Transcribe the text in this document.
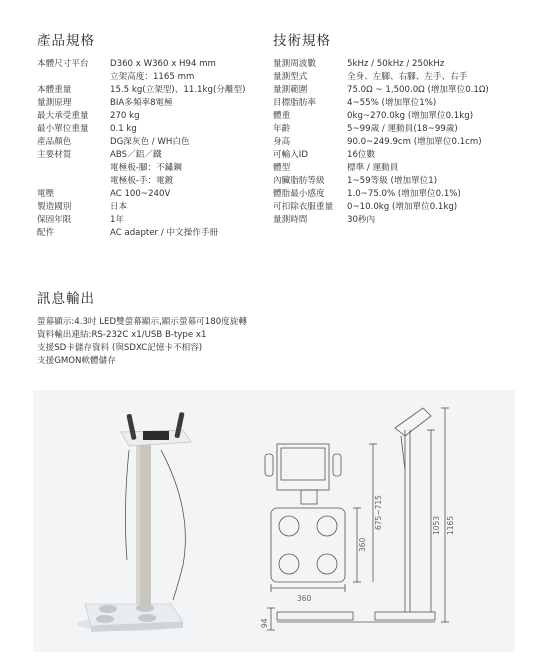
產品規格
本體尺寸平台	D360 x W360 x H94 mm
立架高度：1165 mm
本體重量	15.5 kg(立架型)、11.1kg(分離型)
量測原理	BIA多頻率8電極
最大承受重量	270 kg
最小單位重量	0.1 kg
產品顏色	DG深灰色 / WH白色
主要材質	ABS／鋁／鐵
電極板-腳：不鏽鋼
電極板-手：電鍍
電壓	AC 100~240V
製造國別	日本
保固年限	1年
配件	AC adapter / 中文操作手冊
技術規格
量測周波數	5kHz / 50kHz / 250kHz
量測型式	全身、左腳、右腳、左手、右手
量測範圍	75.0Ω ~ 1,500.0Ω (增加單位0.1Ω)
目標脂肪率	4~55% (增加單位1%)
體重	0kg~270.0kg (增加單位0.1kg)
年齡	5~99歲 / 運動員(18~99歲)
身高	90.0~249.9cm (增加單位0.1cm)
可輸入ID	16位數
體型	標準 / 運動員
內臟脂肪等級	1~59等級 (增加單位1)
體脂最小感度	1.0~75.0% (增加單位0.1%)
可扣除衣服重量	0~10.0kg (增加單位0.1kg)
量測時間	30秒內
訊息輸出
螢幕顯示:4.3吋 LED雙螢幕顯示,顯示螢幕可180度旋轉
資料輸出連結:RS-232C x1/USB B-type x1
支援SD卡儲存資料 (與SDXC記憶卡不相容)
支援GMON軟體儲存
360
360
675~715	1053 1165
94
